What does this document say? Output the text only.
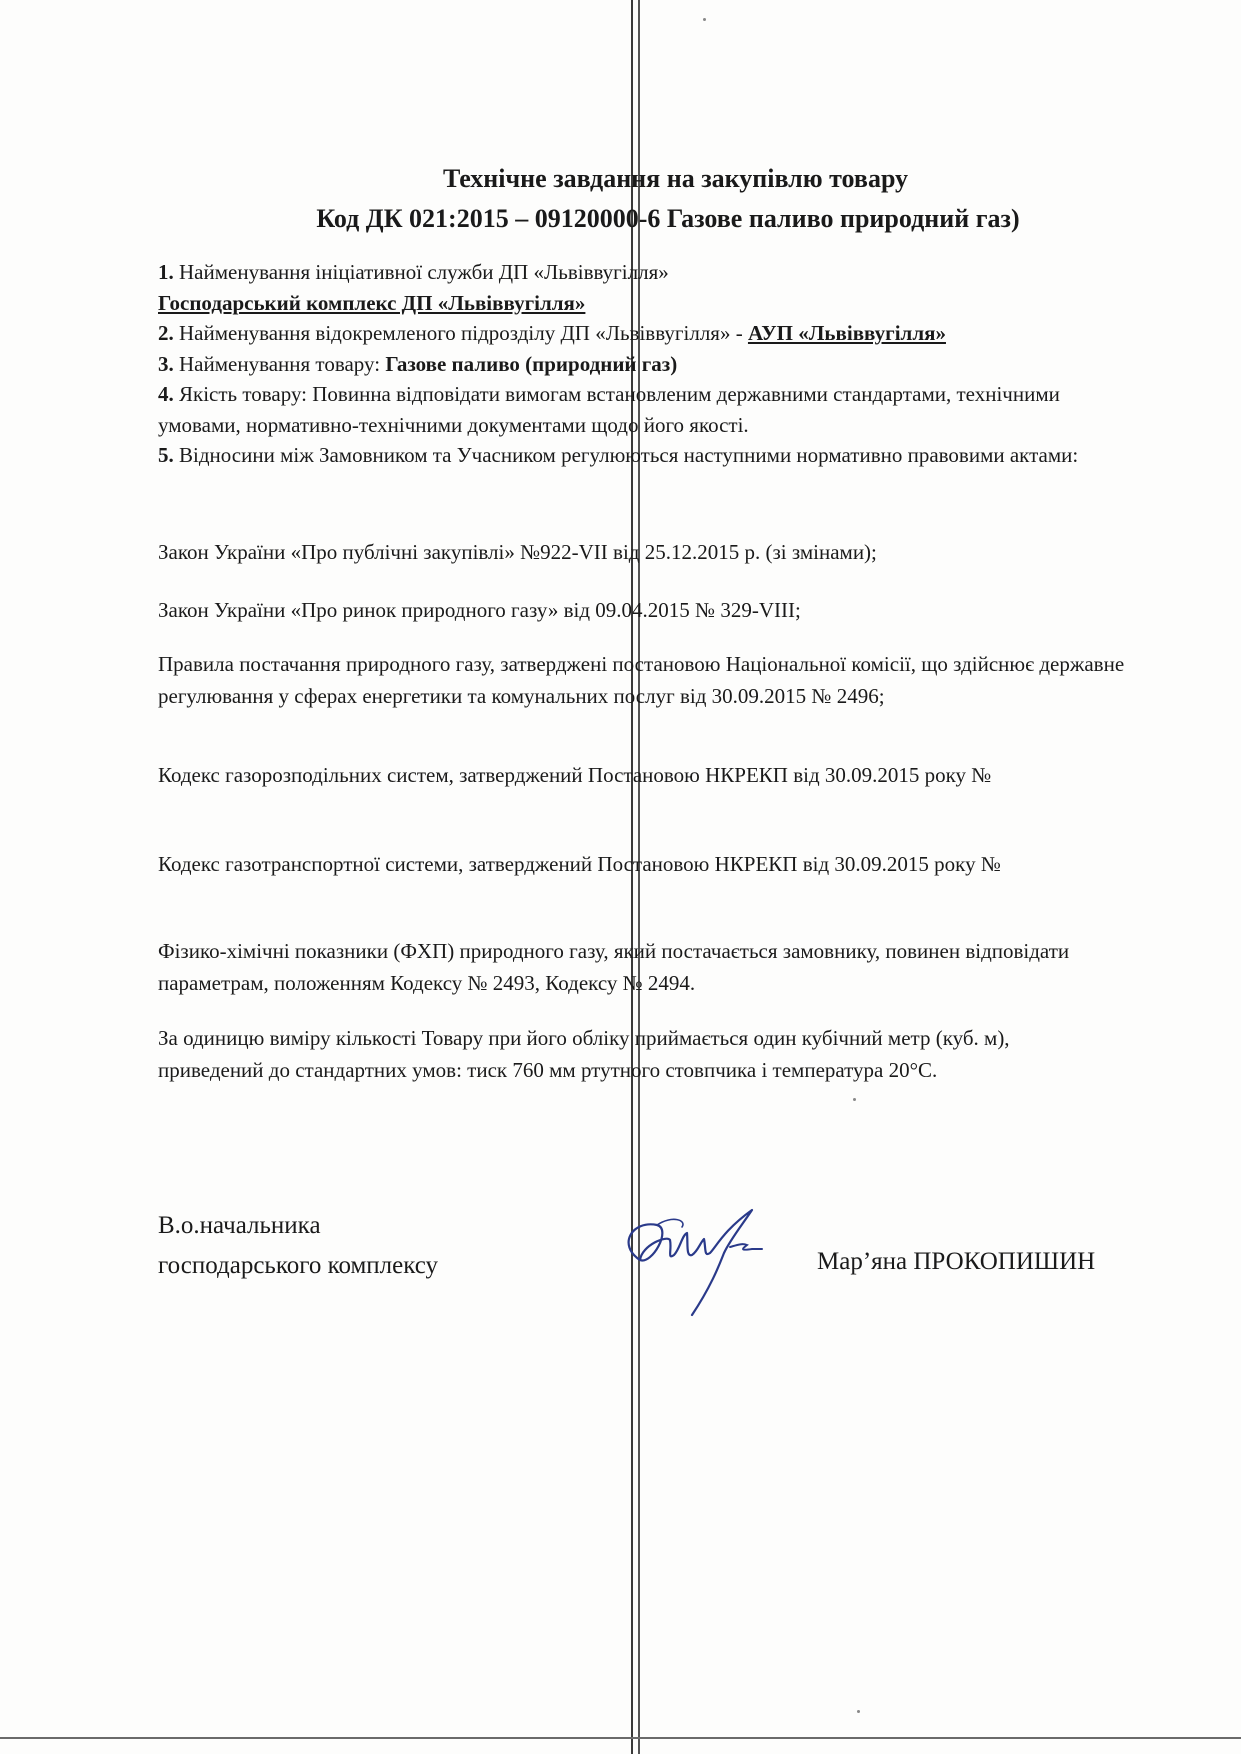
Технічне завдання на закупівлю товару
Код ДК 021:2015 – 09120000-6 Газове паливо природний газ)

1. Найменування ініціативної служби ДП «Львіввугілля»

Господарський комплекс ДП «Львіввугілля»

2. Найменування відокремленого підрозділу ДП «Львіввугілля» - АУП «Львіввугілля»

3. Найменування товару: Газове паливо (природний газ)

4. Якість товару: Повинна відповідати вимогам встановленим державними стандартами, технічними умовами, нормативно-технічними документами щодо його якості.

5. Відносини між Замовником та Учасником регулюються наступними нормативно правовими актами:

Закон України «Про публічні закупівлі» №922-VIІ від 25.12.2015 р. (зі змінами);

Закон України «Про ринок природного газу» від 09.04.2015 № 329-VIII;

Правила постачання природного газу, затверджені постановою Національної комісії, що здійснює державне регулювання у сферах енергетики та комунальних послуг від 30.09.2015 № 2496;

Кодекс газорозподільних систем, затверджений Постановою НКРЕКП від 30.09.2015 року №

Кодекс газотранспортної системи, затверджений Постановою НКРЕКП від 30.09.2015 року №

Фізико-хімічні показники (ФХП) природного газу, який постачається замовнику, повинен відповідати параметрам, положенням Кодексу № 2493, Кодексу № 2494.

За одиницю виміру кількості Товару при його обліку приймається один кубічний метр (куб. м), приведений до стандартних умов: тиск 760 мм ртутного стовпчика і температура 20°С.

В.о.начальника
господарського комплексу	Мар’яна ПРОКОПИШИН
